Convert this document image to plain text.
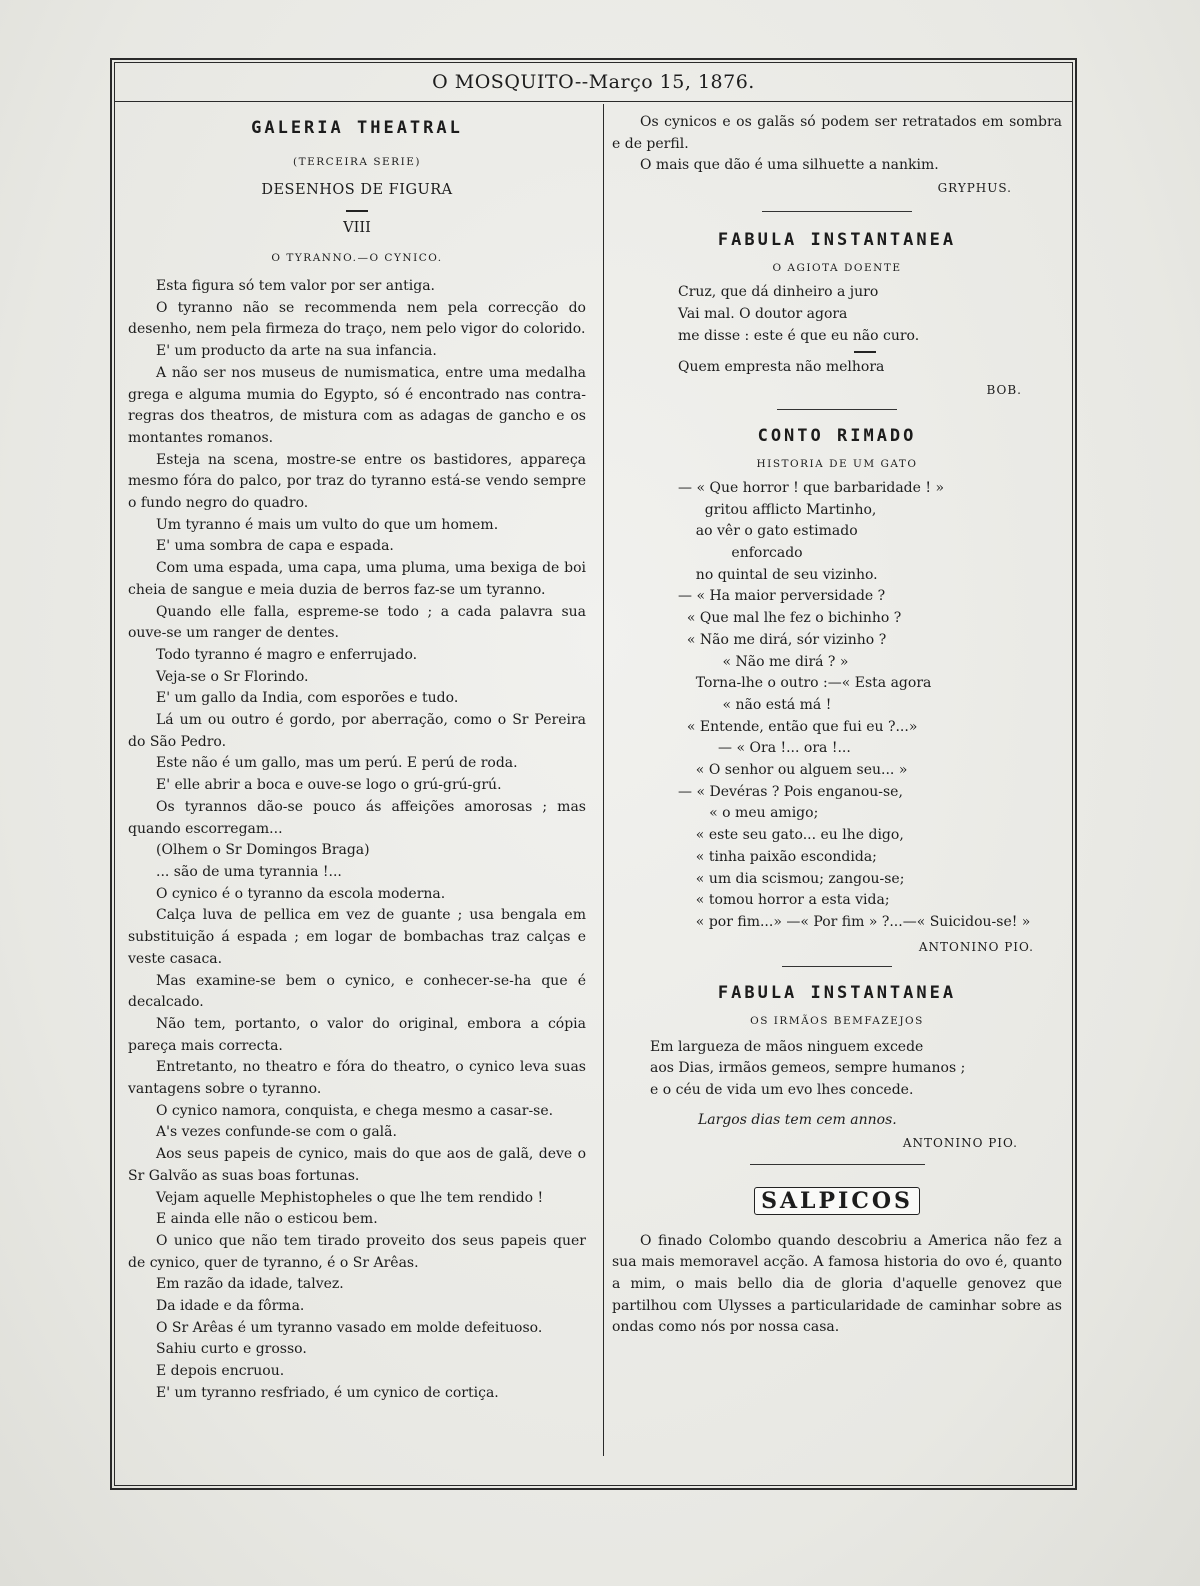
O MOSQUITO--Março 15, 1876.
GALERIA THEATRAL
(TERCEIRA SERIE)
DESENHOS DE FIGURA
VIII
O TYRANNO.—O CYNICO.

Esta figura só tem valor por ser antiga.

O tyranno não se recommenda nem pela correcção do desenho, nem pela firmeza do traço, nem pelo vigor do colorido.

E' um producto da arte na sua infancia.

A não ser nos museus de numismatica, entre uma medalha grega e alguma mumia do Egypto, só é encontrado nas contra-regras dos theatros, de mistura com as adagas de gancho e os montantes romanos.

Esteja na scena, mostre-se entre os bastidores, appareça mesmo fóra do palco, por traz do tyranno está-se vendo sempre o fundo negro do quadro.

Um tyranno é mais um vulto do que um homem.

E' uma sombra de capa e espada.

Com uma espada, uma capa, uma pluma, uma bexiga de boi cheia de sangue e meia duzia de berros faz-se um tyranno.

Quando elle falla, espreme-se todo ; a cada palavra sua ouve-se um ranger de dentes.

Todo tyranno é magro e enferrujado.

Veja-se o Sr Florindo.

E' um gallo da India, com esporões e tudo.

Lá um ou outro é gordo, por aberração, como o Sr Pereira do São Pedro.

Este não é um gallo, mas um perú. E perú de roda.

E' elle abrir a boca e ouve-se logo o grú-grú-grú.

Os tyrannos dão-se pouco ás affeições amorosas ; mas quando escorregam...

(Olhem o Sr Domingos Braga)

... são de uma tyrannia !...

O cynico é o tyranno da escola moderna.

Calça luva de pellica em vez de guante ; usa bengala em substituição á espada ; em logar de bombachas traz calças e veste casaca.

Mas examine-se bem o cynico, e conhecer-se-ha que é decalcado.

Não tem, portanto, o valor do original, embora a cópia pareça mais correcta.

Entretanto, no theatro e fóra do theatro, o cynico leva suas vantagens sobre o tyranno.

O cynico namora, conquista, e chega mesmo a casar-se.

A's vezes confunde-se com o galã.

Aos seus papeis de cynico, mais do que aos de galã, deve o Sr Galvão as suas boas fortunas.

Vejam aquelle Mephistopheles o que lhe tem rendido !

E ainda elle não o esticou bem.

O unico que não tem tirado proveito dos seus papeis quer de cynico, quer de tyranno, é o Sr Arêas.

Em razão da idade, talvez.

Da idade e da fôrma.

O Sr Arêas é um tyranno vasado em molde defeituoso.

Sahiu curto e grosso.

E depois encruou.

E' um tyranno resfriado, é um cynico de cortiça.

Os cynicos e os galãs só podem ser retratados em sombra e de perfil.

O mais que dão é uma silhuette a nankim.

GRYPHUS.
FABULA INSTANTANEA
O AGIOTA DOENTE

Cruz, que dá dinheiro a juro

Vai mal. O doutor agora

me disse : este é que eu não curo.

Quem empresta não melhora

BOB.
CONTO RIMADO
HISTORIA DE UM GATO

— « Que horror ! que barbaridade ! »

gritou afflicto Martinho,

ao vêr o gato estimado

enforcado

no quintal de seu vizinho.

— « Ha maior perversidade ?

« Que mal lhe fez o bichinho ?

« Não me dirá, sór vizinho ?

« Não me dirá ? »

Torna-lhe o outro :—« Esta agora

« não está má !

« Entende, então que fui eu ?...»

— « Ora !... ora !...

« O senhor ou alguem seu... »

— « Devéras ? Pois enganou-se,

« o meu amigo;

« este seu gato... eu lhe digo,

« tinha paixão escondida;

« um dia scismou; zangou-se;

« tomou horror a esta vida;

« por fim...» —« Por fim » ?...—« Suicidou-se! »

ANTONINO PIO.
FABULA INSTANTANEA
OS IRMÃOS BEMFAZEJOS

Em largueza de mãos ninguem excede

aos Dias, irmãos gemeos, sempre humanos ;

e o céu de vida um evo lhes concede.

Largos dias tem cem annos.

ANTONINO PIO.
SALPICOS

O finado Colombo quando descobriu a America não fez a sua mais memoravel acção. A famosa historia do ovo é, quanto a mim, o mais bello dia de gloria d'aquelle genovez que partilhou com Ulysses a particularidade de caminhar sobre as ondas como nós por nossa casa.
